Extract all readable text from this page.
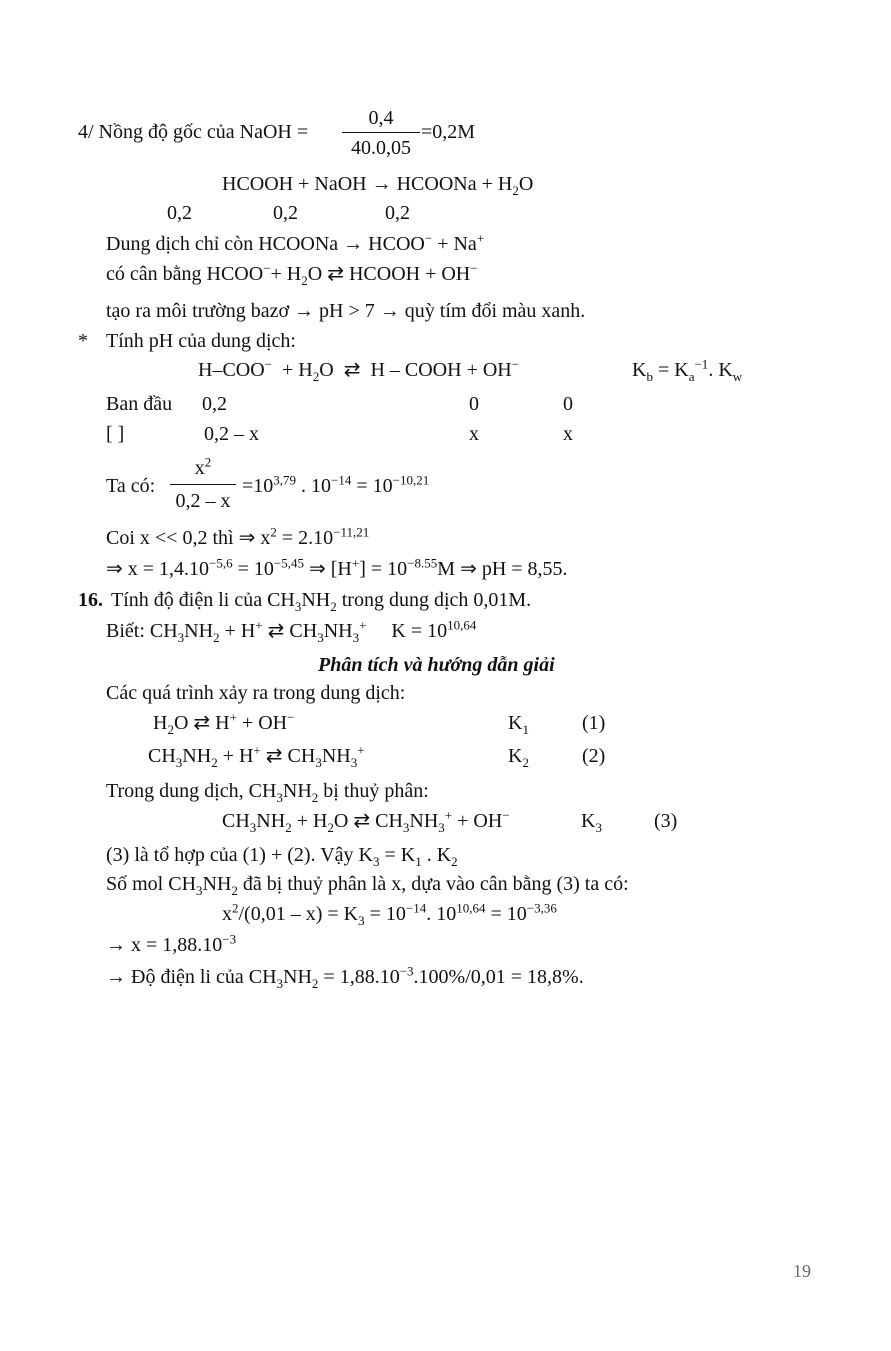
4/ Nồng độ gốc của NaOH =
0,4
40.0,05
=0,2M
HCOOH + NaOH → HCOONa + $H_2O$
0,2	0,2	0,2
Dung dịch chỉ còn HCOONa → HCOO− + Na+
có cân bằng HCOO−+ $H_2O$ ⇄ HCOOH + OH−
tạo ra môi trường bazơ → pH > 7 → quỳ tím đổi màu xanh.
* Tính pH của dung dịch:
$H-COO^- + H_2O$  ⇄  H – COOH + OH−	$K_b = K_a^{-1}$. $K_w$
Ban đầu 0,2	0	0
[ ]	0,2 – x	x	x
Ta có:
$x^2$
0,2 – x
$=10^{3,79}$ . $10^{-14} = 10^{-10,21}$
Coi x << 0,2 thì ⇒ $x^2 = 2.10^{-11,21}$
⇒ $x = 1,4.10^{-5,6} = 10^{-5,45}$ ⇒ $[H^+] = 10^{-8.55}M$ ⇒ pH = 8,55.
16. Tính độ điện li của $CH_3NH_2$ trong dung dịch 0,01M.
Biết: $CH_3NH_2 + H^+$ ⇄ $CH_3NH_3^+$     $K = 10^{10,64}$
Phân tích và hướng dẫn giải
Các quá trình xảy ra trong dung dịch:
$H_2O$ ⇄ H+ + OH−	$K_1$	(1)
$CH_3NH_2 + H^+$ ⇄ $CH_3NH_3^+$	$K_2$	(2)
Trong dung dịch, $CH_3NH_2$ bị thuỷ phân:
$CH_3NH_2 + H_2O$ ⇄ $CH_3NH_3^+ + OH^-$	$K_3$	(3)
(3) là tổ hợp của (1) + (2). Vậy $K_3 = K_1$ . $K_2$
Số mol $CH_3NH_2$ đã bị thuỷ phân là x, dựa vào cân bằng (3) ta có:
$x^2/(0,01 - x) = K_3 = 10^{-14}$. $10^{10,64} = 10^{-3,36}$
→ $x = 1,88.10^{-3}$
→ Độ điện li của $CH_3NH_2 = 1,88.10^{-3}.100\%/0,01 = 18,8\%$.
19
